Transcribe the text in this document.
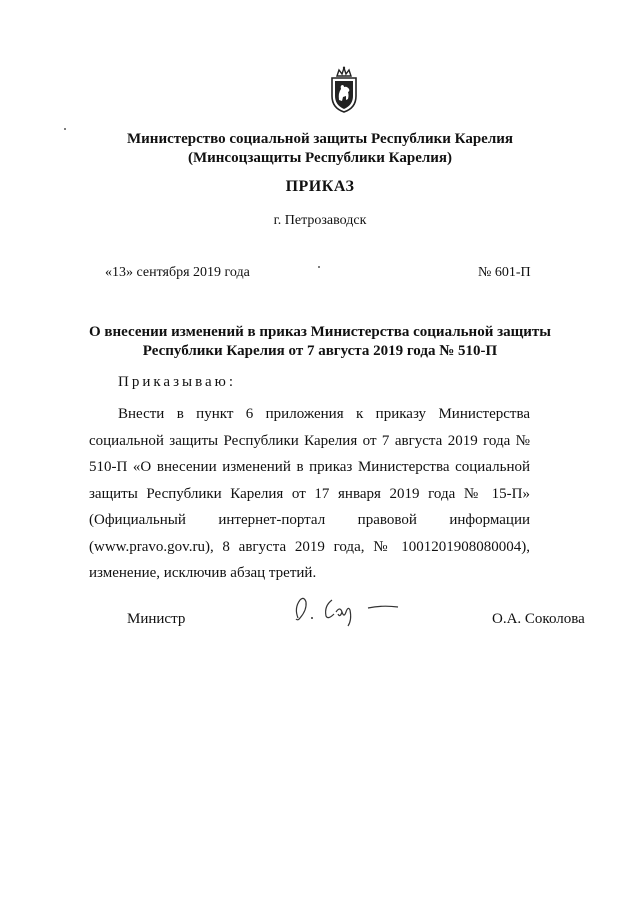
Министерство социальной защиты Республики Карелия
(Минсоцзащиты Республики Карелия)
ПРИКАЗ
г. Петрозаводск
«13» сентября 2019 года	№ 601-П
О внесении изменений в приказ Министерства социальной защиты
Республики Карелия от 7 августа 2019 года № 510-П
Приказываю:
Внести в пункт 6 приложения к приказу Министерства социальной защиты Республики Карелия от 7 августа 2019 года № 510-П «О внесении изменений в приказ Министерства социальной защиты Республики Карелия от 17 января 2019 года № 15-П» (Официальный интернет-портал правовой информации (www.pravo.gov.ru), 8 августа 2019 года, № 1001201908080004), изменение, исключив абзац третий.
Министр	О.А. Соколова
